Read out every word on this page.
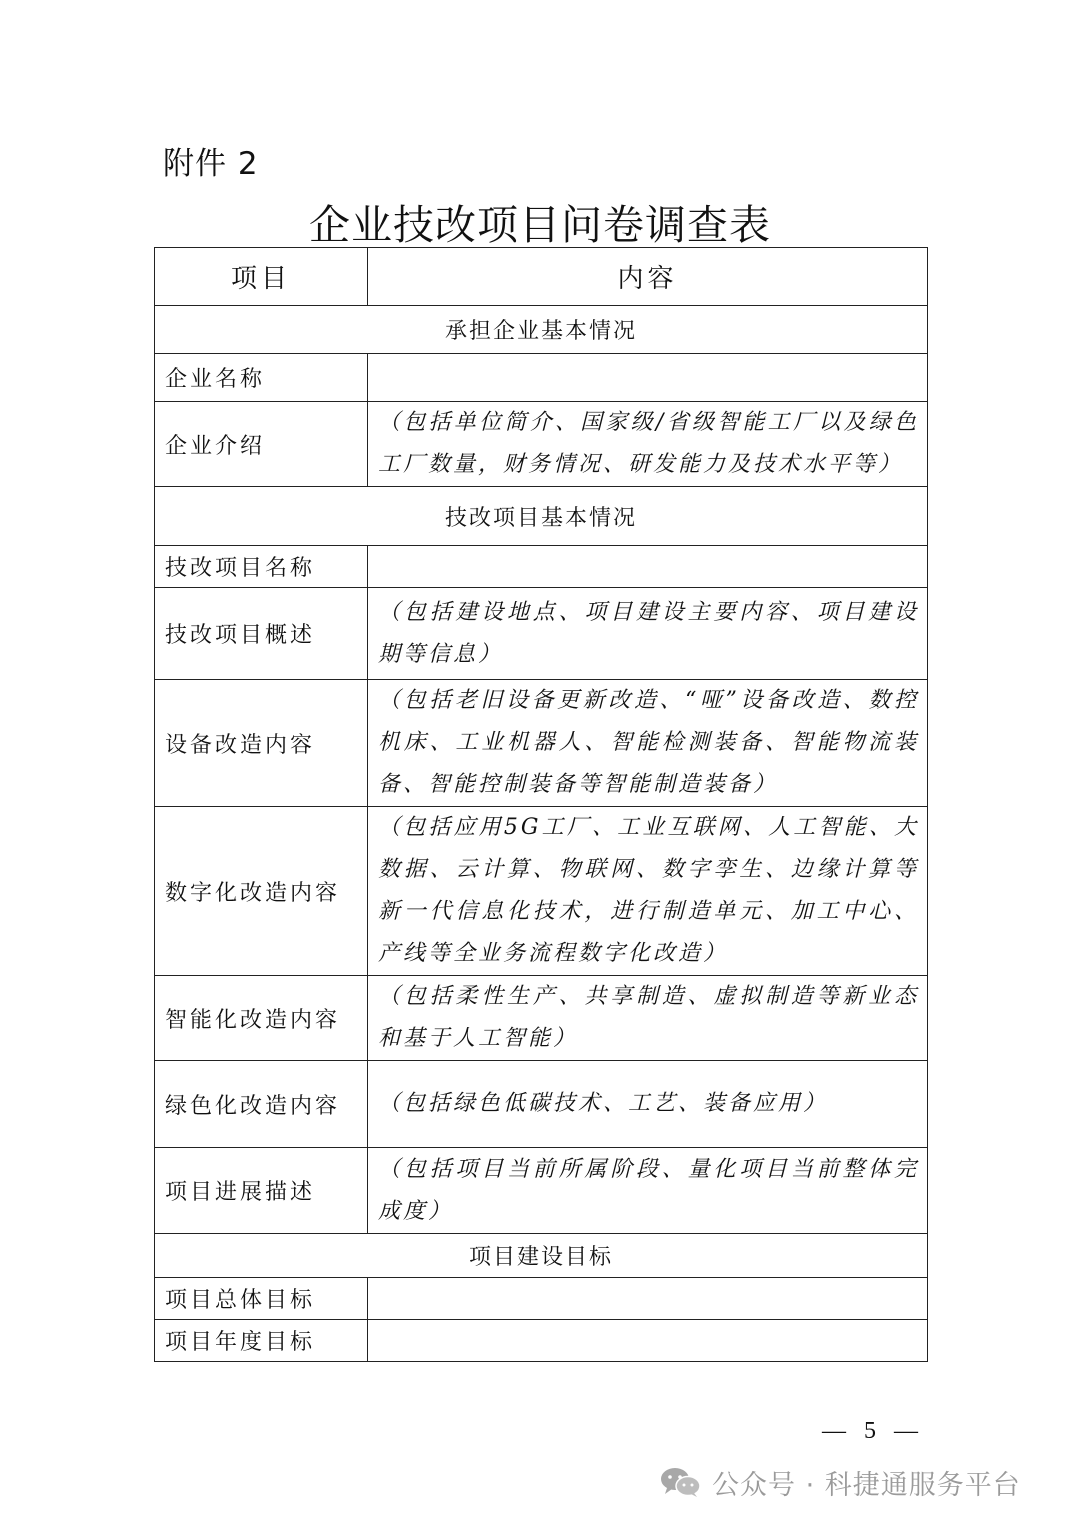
附件 2
企业技改项目问卷调查表
项目	内容
承担企业基本情况	
企业名称	
企业介绍	（包括单位简介、国家级/省级智能工厂以及绿色工厂数量，财务情况、研发能力及技术水平等）
技改项目基本情况	
技改项目名称	
技改项目概述	（包括建设地点、项目建设主要内容、项目建设期等信息）
设备改造内容	（包括老旧设备更新改造、“哑”设备改造、数控机床、工业机器人、智能检测装备、智能物流装备、智能控制装备等智能制造装备）
数字化改造内容	（包括应用5G工厂、工业互联网、人工智能、大数据、云计算、物联网、数字孪生、边缘计算等新一代信息化技术，进行制造单元、加工中心、产线等全业务流程数字化改造）
智能化改造内容	（包括柔性生产、共享制造、虚拟制造等新业态和基于人工智能）
绿色化改造内容	（包括绿色低碳技术、工艺、装备应用）
项目进展描述	（包括项目当前所属阶段、量化项目当前整体完成度）
项目建设目标	
项目总体目标	
项目年度目标	
— 5 —
公众号 · 科捷通服务平台
